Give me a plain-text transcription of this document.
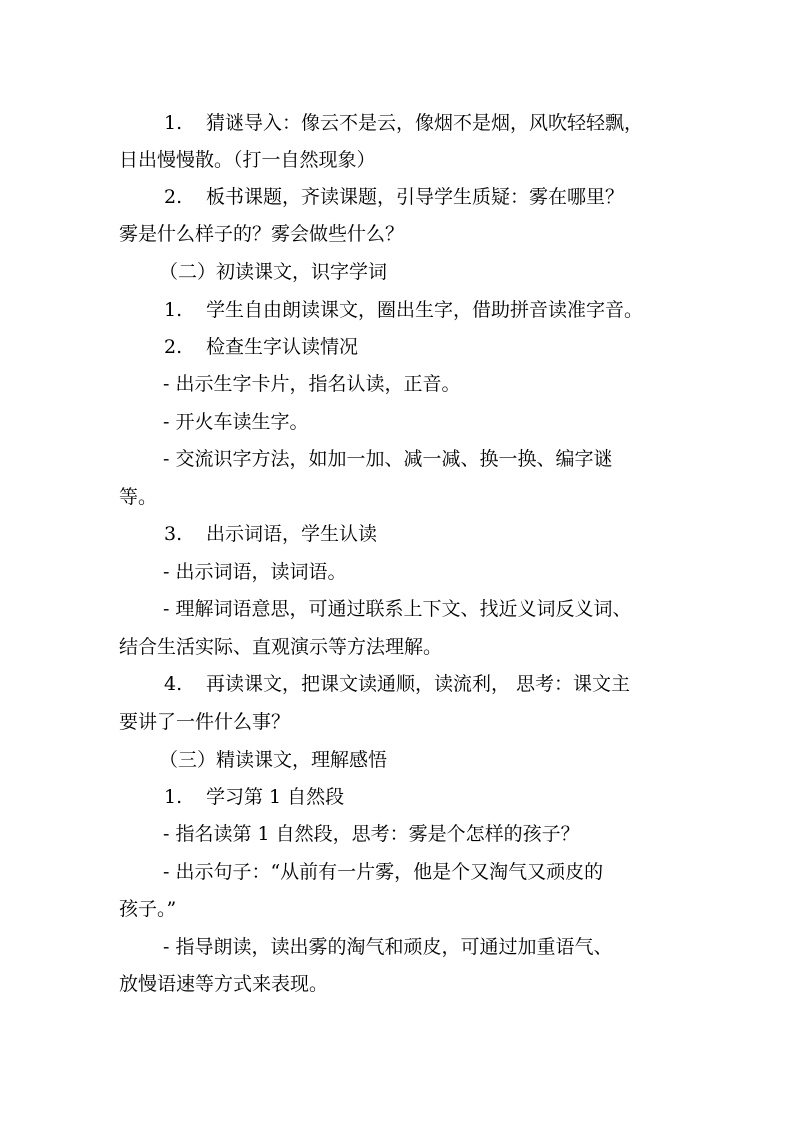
1. 猜谜导入：像云不是云，像烟不是烟，风吹轻轻飘，
日出慢慢散。（打一自然现象）
2. 板书课题，齐读课题，引导学生质疑：雾在哪里？
雾是什么样子的？雾会做些什么？
（二）初读课文，识字学词
1. 学生自由朗读课文，圈出生字，借助拼音读准字音。
2. 检查生字认读情况
- 出示生字卡片，指名认读，正音。
- 开火车读生字。
- 交流识字方法，如加一加、减一减、换一换、编字谜
等。
3. 出示词语，学生认读
- 出示词语，读词语。
- 理解词语意思，可通过联系上下文、找近义词反义词、
结合生活实际、直观演示等方法理解。
4. 再读课文，把课文读通顺，读流利， 思考：课文主
要讲了一件什么事？
（三）精读课文，理解感悟
1. 学习第 1 自然段
- 指名读第 1 自然段，思考：雾是个怎样的孩子？
- 出示句子：“从前有一片雾，他是个又淘气又顽皮的
孩子。”
- 指导朗读，读出雾的淘气和顽皮，可通过加重语气、
放慢语速等方式来表现。
